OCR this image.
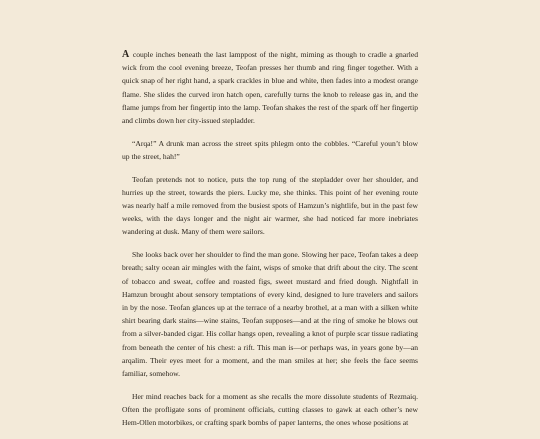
A couple inches beneath the last lamppost of the night, miming as though to cradle a gnarled wick from the cool evening breeze, Teofan presses her thumb and ring finger together. With a quick snap of her right hand, a spark crackles in blue and white, then fades into a modest orange flame. She slides the curved iron hatch open, carefully turns the knob to release gas in, and the flame jumps from her fingertip into the lamp. Teofan shakes the rest of the spark off her fingertip and climbs down her city-issued stepladder.

“Arqa!” A drunk man across the street spits phlegm onto the cobbles. “Careful youn’t blow up the street, hah!”

Teofan pretends not to notice, puts the top rung of the stepladder over her shoulder, and hurries up the street, towards the piers. Lucky me, she thinks. This point of her evening route was nearly half a mile removed from the busiest spots of Hamzun’s nightlife, but in the past few weeks, with the days longer and the night air warmer, she had noticed far more inebriates wandering at dusk. Many of them were sailors.

She looks back over her shoulder to find the man gone. Slowing her pace, Teofan takes a deep breath; salty ocean air mingles with the faint, wisps of smoke that drift about the city. The scent of tobacco and sweat, coffee and roasted figs, sweet mustard and fried dough. Nightfall in Hamzun brought about sensory temptations of every kind, designed to lure travelers and sailors in by the nose. Teofan glances up at the terrace of a nearby brothel, at a man with a silken white shirt bearing dark stains—wine stains, Teofan supposes—and at the ring of smoke he blows out from a silver-banded cigar. His collar hangs open, revealing a knot of purple scar tissue radiating from beneath the center of his chest: a rift. This man is—or perhaps was, in years gone by—an arqalim. Their eyes meet for a moment, and the man smiles at her; she feels the face seems familiar, somehow.

Her mind reaches back for a moment as she recalls the more dissolute students of Rezmaiq. Often the profligate sons of prominent officials, cutting classes to gawk at each other’s new Hem-Ollen motorbikes, or crafting spark bombs of paper lanterns, the ones whose positions at
